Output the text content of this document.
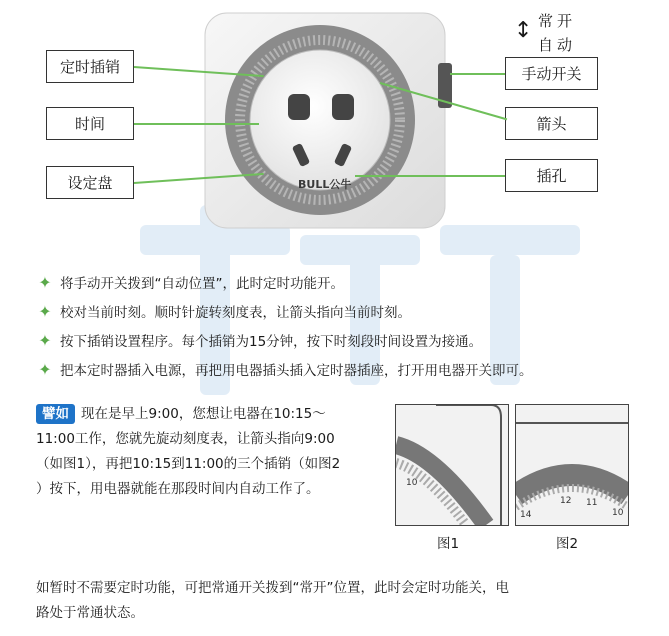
BULL公牛
↕ 常开
自动
定时插销
时间
设定盘
手动开关
箭头
插孔
✦ 将手动开关拨到“自动位置”，此时定时功能开。
✦ 校对当前时刻。顺时针旋转刻度表，让箭头指向当前时刻。
✦ 按下插销设置程序。每个插销为15分钟，按下时刻段时间设置为接通。
✦ 把本定时器插入电源，再把用电器插头插入定时器插座，打开用电器开关即可。
譬如 现在是早上9:00，您想让电器在10:15～
11:00工作，您就先旋动刻度表，让箭头指向9:00
（如图1），再把10:15到11:00的三个插销（如图2
）按下，用电器就能在那段时间内自动工作了。	10
图1
14
12 11
10
图2
如暂时不需要定时功能，可把常通开关拨到“常开”位置，此时会定时功能关，电
路处于常通状态。
